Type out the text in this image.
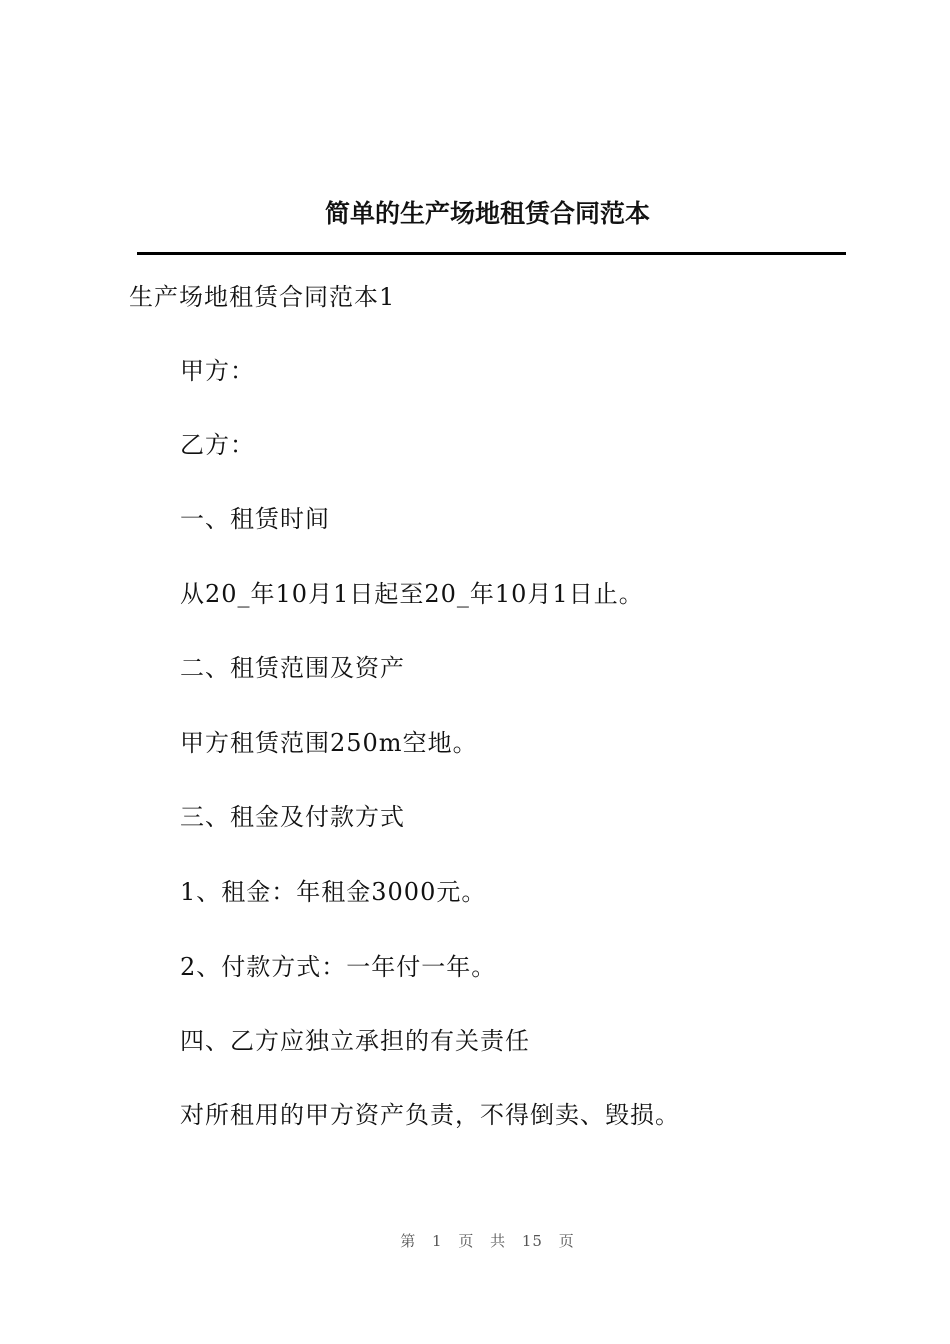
简单的生产场地租赁合同范本
生产场地租赁合同范本1
甲方：
乙方：
一、租赁时间
从20_年10月1日起至20_年10月1日止。
二、租赁范围及资产
甲方租赁范围250m空地。
三、租金及付款方式
1、租金：年租金3000元。
2、付款方式：一年付一年。
四、乙方应独立承担的有关责任
对所租用的甲方资产负责，不得倒卖、毁损。
第 1 页 共 15 页
